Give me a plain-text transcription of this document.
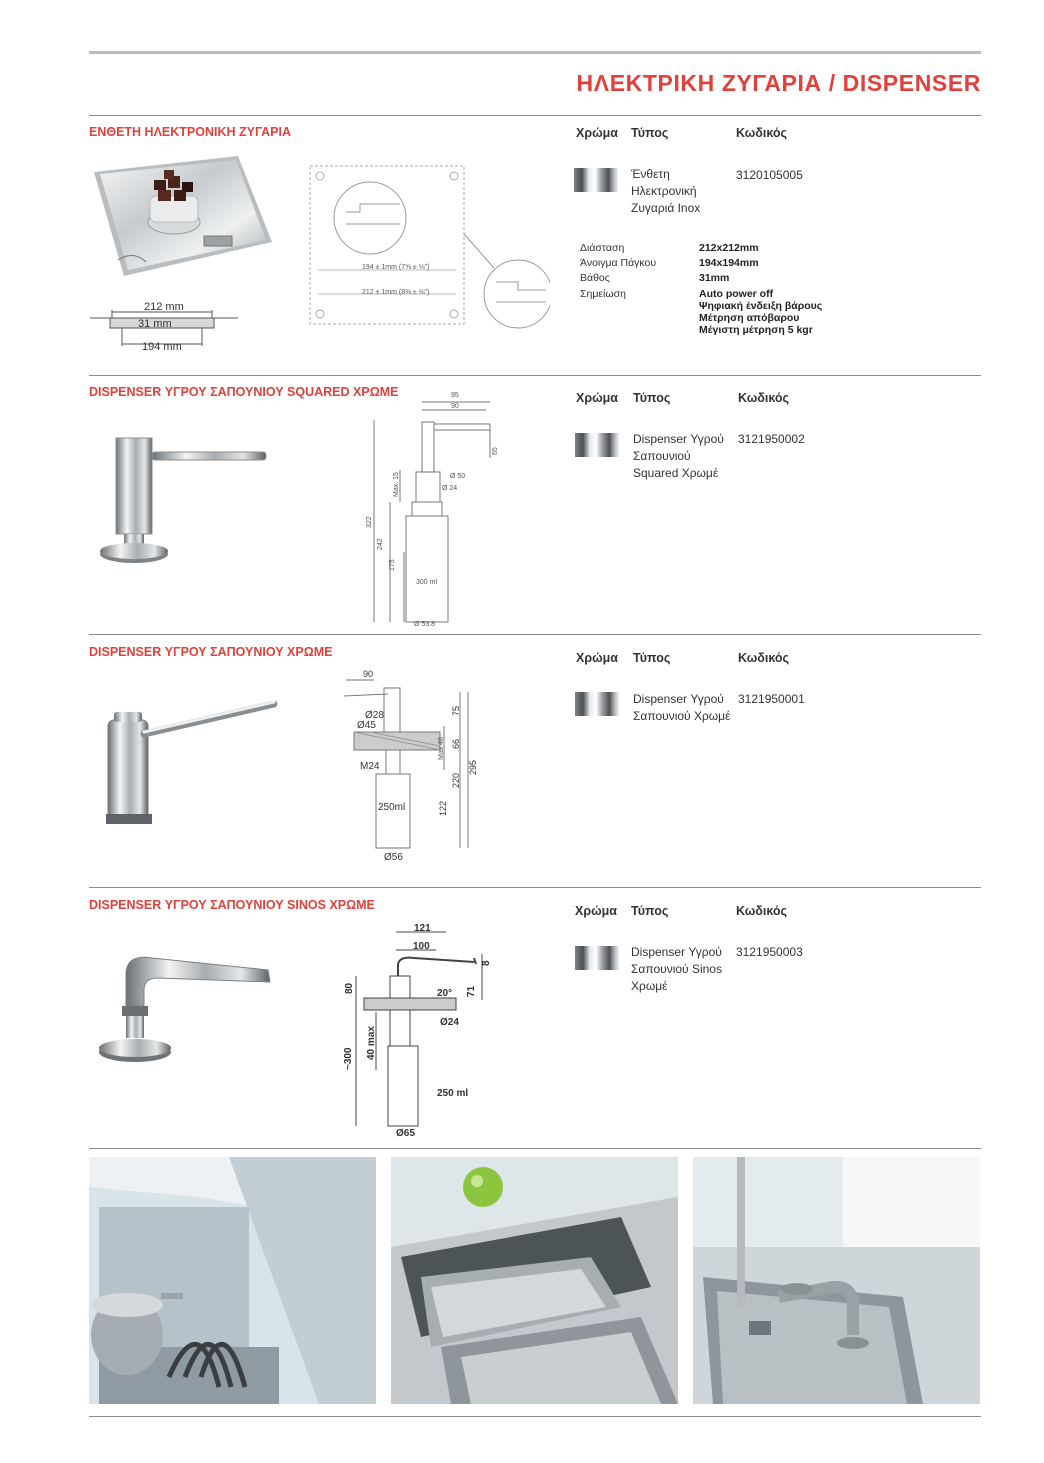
ΗΛΕΚΤΡΙΚΗ ΖΥΓΑΡΙΑ / DISPENSER
ΕΝΘΕΤΗ ΗΛΕΚΤΡΟΝΙΚΗ ΖΥΓΑΡΙΑ	Χρώμα Τύπος	Κωδικός
Ένθετη
Ηλεκτρονική
Ζυγαριά Inox
3120105005
212 mm
31 mm
194 mm
194 ± 1mm (7⅝ ± ⅛")
212 ± 1mm (8⅜ ± ⅛")
Διάσταση	212x212mm
Άνοιγμα Πάγκου	194x194mm
Βάθος	31mm
Σημείωση	Auto power off
Ψηφιακή ένδειξη βάρους
Μέτρηση απόβαρου
Μέγιστη μέτρηση 5 kgr
DISPENSER ΥΓΡΟΥ ΣΑΠΟΥΝΙΟΥ SQUARED ΧΡΩΜΕ	Χρώμα Τύπος	Κωδικός
Dispenser Υγρού
Σαπουνιού
Squared Χρωμέ
3121950002
95
90
65
Ø 50
Ø 24
Max. 15
322
242
175
300 ml
Ø 53.8
DISPENSER ΥΓΡΟΥ ΣΑΠΟΥΝΙΟΥ ΧΡΩΜΕ	Χρώμα Τύπος	Κωδικός
Dispenser Υγρού
Σαπουνιού Χρωμέ
3121950001
90
Ø28
Ø45
75
Max 48 66
M24
220
295
250ml	122
Ø56
DISPENSER ΥΓΡΟΥ ΣΑΠΟΥΝΙΟΥ SINOS ΧΡΩΜΕ	Χρώμα Τύπος	Κωδικός
Dispenser Υγρού
Σαπουνιού Sinos
Χρωμέ
3121950003
121
100
8
20° 71
80
Ø24
40 max
~300
250 ml
Ø65
